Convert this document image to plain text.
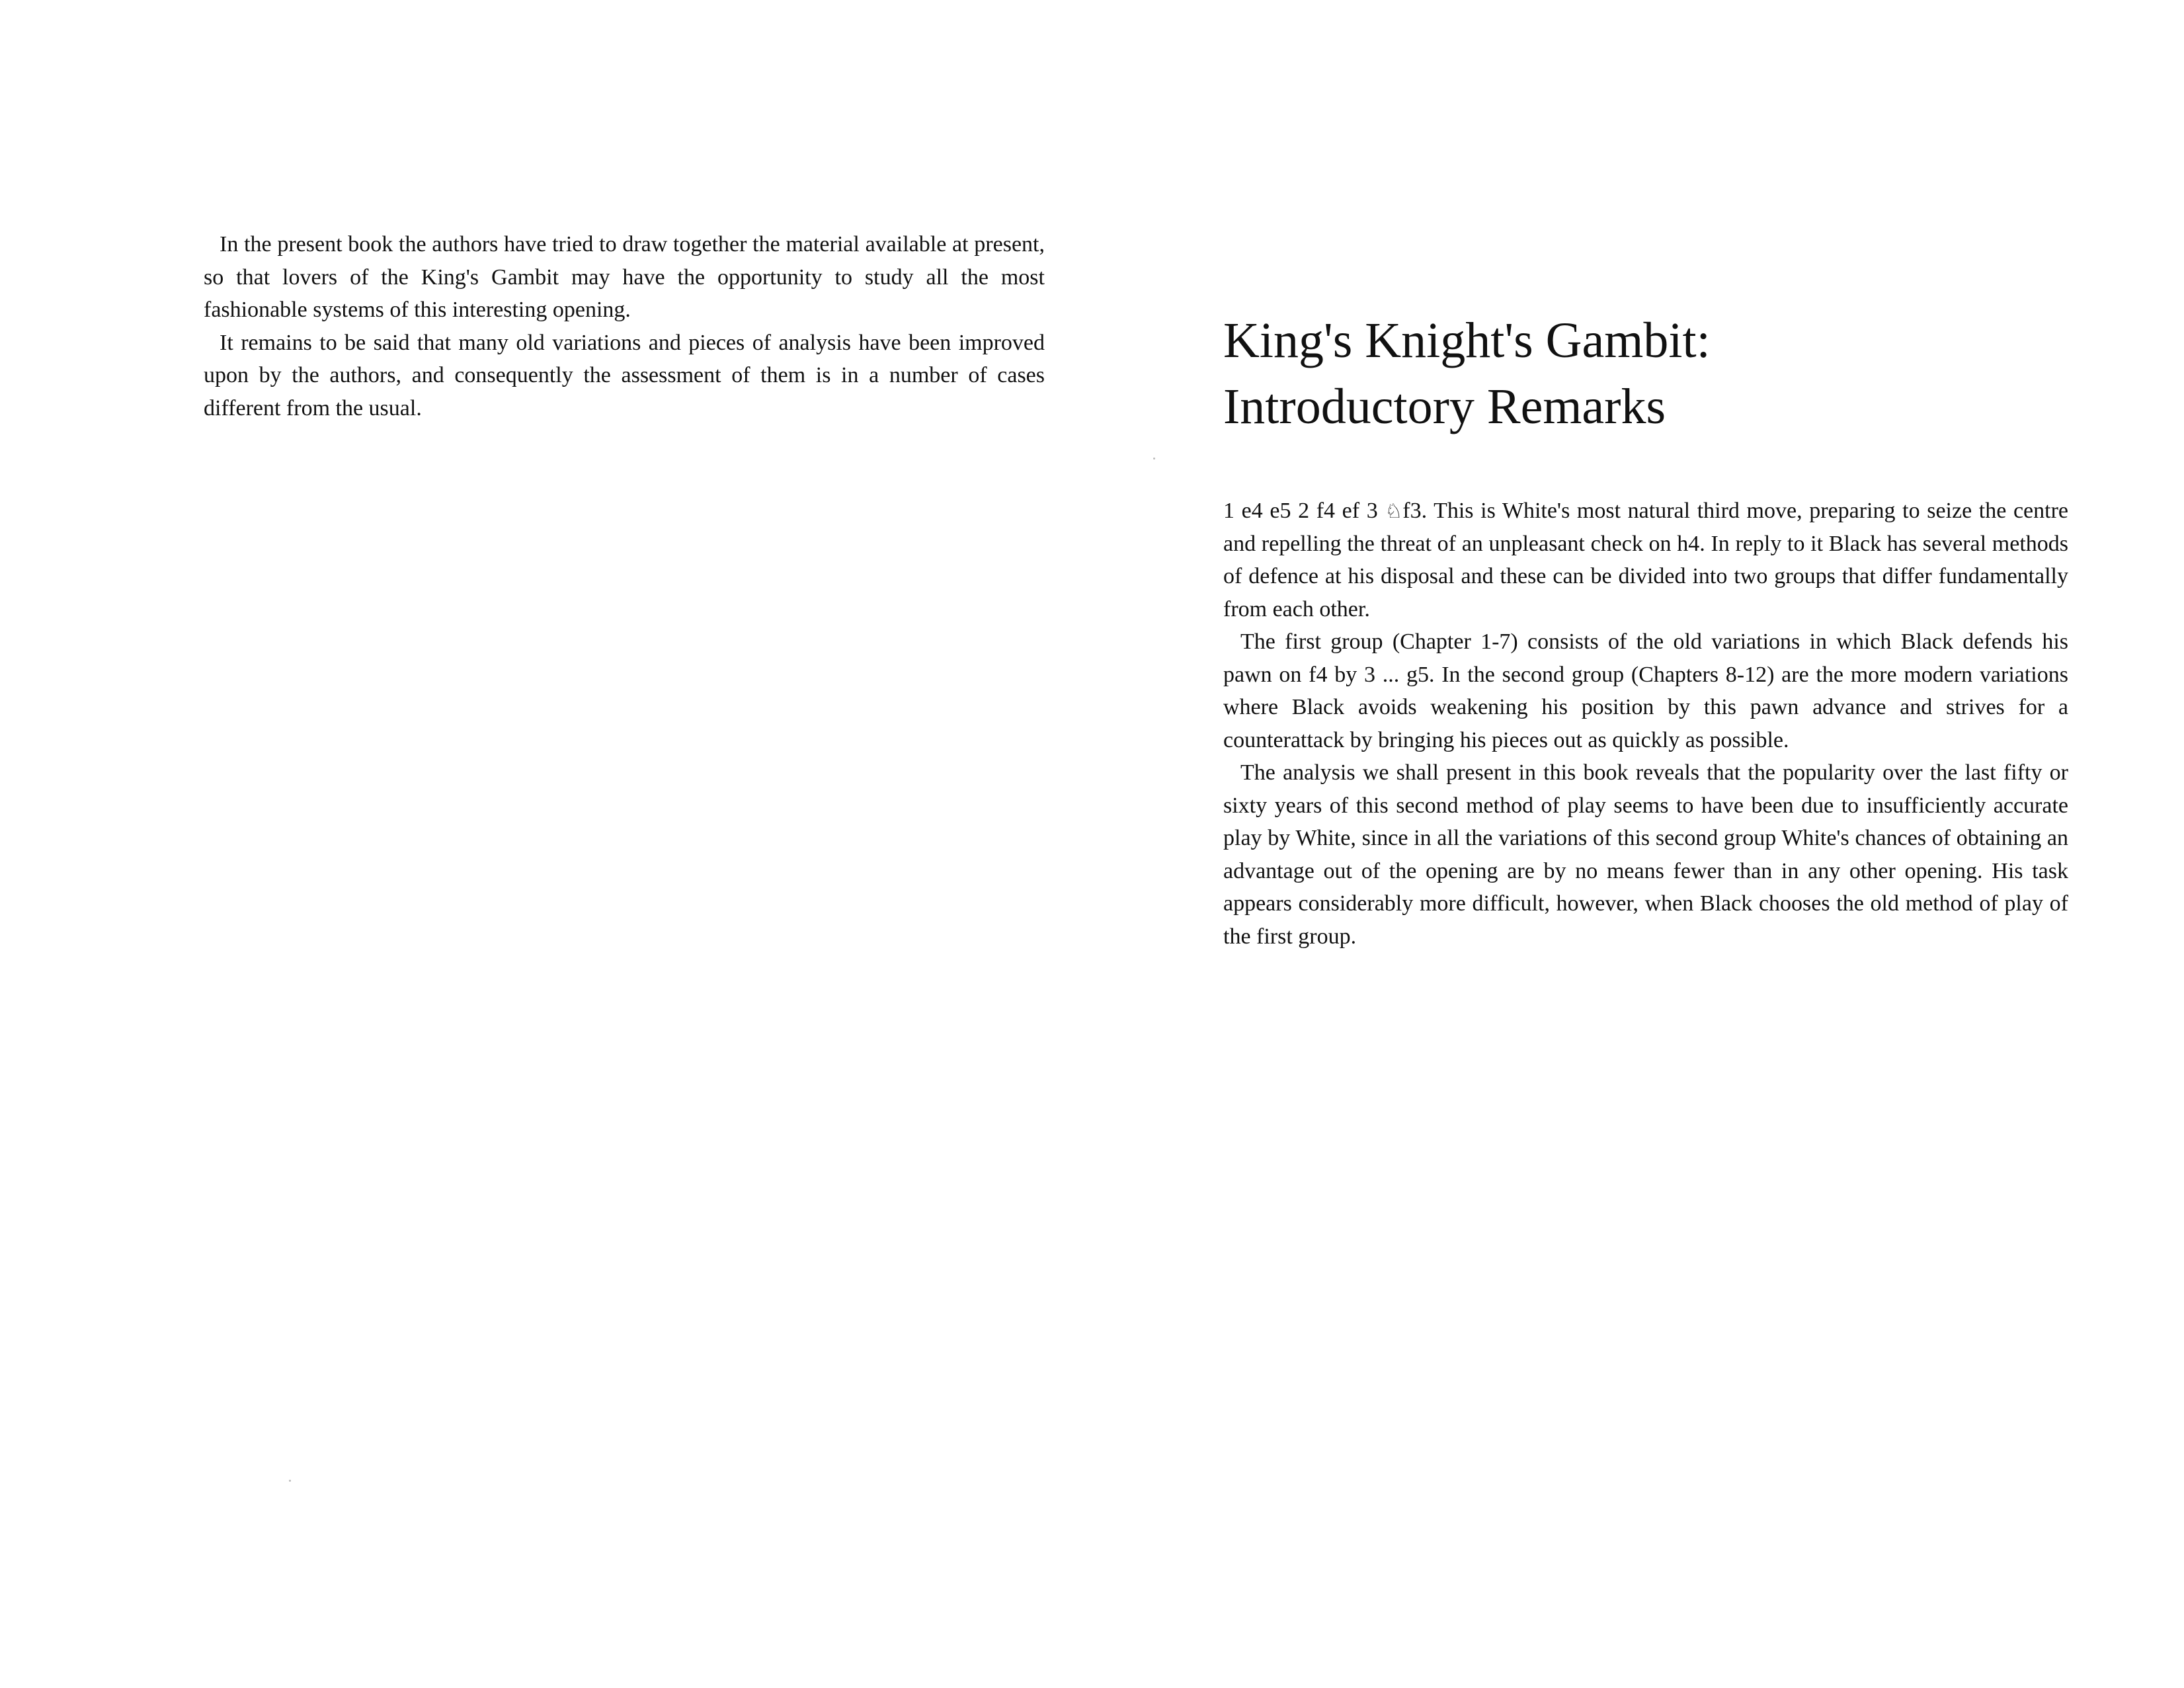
In the present book the authors have tried to draw together the material available at present, so that lovers of the King's Gambit may have the opportunity to study all the most fashionable systems of this interesting opening.

It remains to be said that many old variations and pieces of analysis have been improved upon by the authors, and consequently the assessment of them is in a number of cases different from the usual.

King's Knight's Gambit:
Introductory Remarks

1 e4 e5 2 f4 ef 3 ♘f3. This is White's most natural third move, preparing to seize the centre and repelling the threat of an unpleasant check on h4. In reply to it Black has several methods of defence at his disposal and these can be divided into two groups that differ fundamentally from each other.

The first group (Chapter 1-7) consists of the old variations in which Black defends his pawn on f4 by 3 ... g5. In the second group (Chapters 8-12) are the more modern variations where Black avoids weakening his position by this pawn advance and strives for a counterattack by bringing his pieces out as quickly as possible.

The analysis we shall present in this book reveals that the popularity over the last fifty or sixty years of this second method of play seems to have been due to insufficiently accurate play by White, since in all the variations of this second group White's chances of obtaining an advantage out of the opening are by no means fewer than in any other opening. His task appears considerably more difficult, however, when Black chooses the old method of play of the first group.
